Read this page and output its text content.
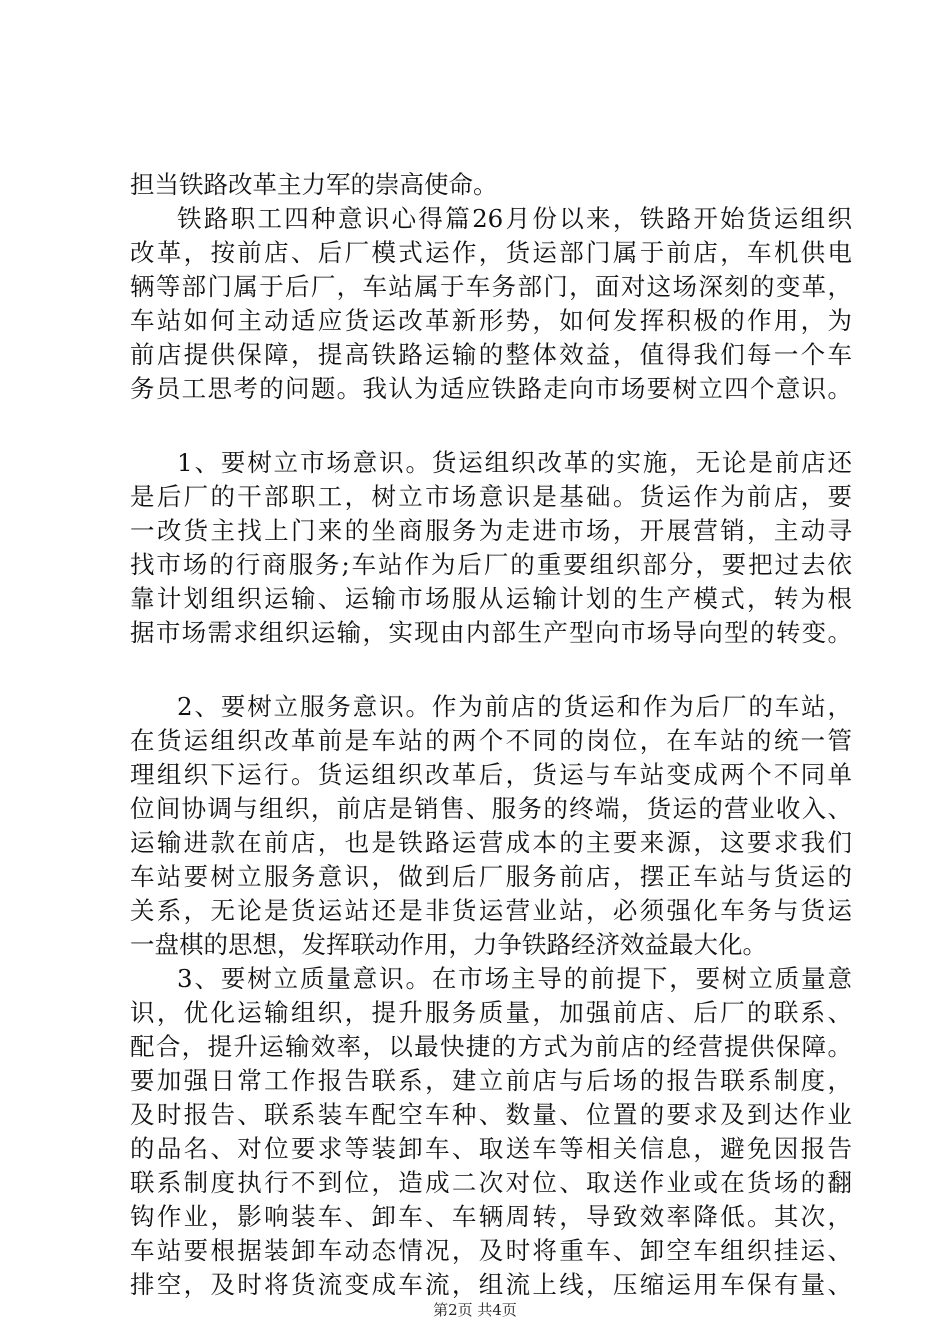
担当铁路改革主力军的崇高使命。
铁路职工四种意识心得篇26月份以来，铁路开始货运组织
改革，按前店、后厂模式运作，货运部门属于前店，车机供电
辆等部门属于后厂，车站属于车务部门，面对这场深刻的变革，
车站如何主动适应货运改革新形势，如何发挥积极的作用，为
前店提供保障，提高铁路运输的整体效益，值得我们每一个车
务员工思考的问题。我认为适应铁路走向市场要树立四个意识。
1、要树立市场意识。货运组织改革的实施，无论是前店还
是后厂的干部职工，树立市场意识是基础。货运作为前店，要
一改货主找上门来的坐商服务为走进市场，开展营销，主动寻
找市场的行商服务;车站作为后厂的重要组织部分，要把过去依
靠计划组织运输、运输市场服从运输计划的生产模式，转为根
据市场需求组织运输，实现由内部生产型向市场导向型的转变。
2、要树立服务意识。作为前店的货运和作为后厂的车站，
在货运组织改革前是车站的两个不同的岗位，在车站的统一管
理组织下运行。货运组织改革后，货运与车站变成两个不同单
位间协调与组织，前店是销售、服务的终端，货运的营业收入、
运输进款在前店，也是铁路运营成本的主要来源，这要求我们
车站要树立服务意识，做到后厂服务前店，摆正车站与货运的
关系，无论是货运站还是非货运营业站，必须强化车务与货运
一盘棋的思想，发挥联动作用，力争铁路经济效益最大化。
3、要树立质量意识。在市场主导的前提下，要树立质量意
识，优化运输组织，提升服务质量，加强前店、后厂的联系、
配合，提升运输效率，以最快捷的方式为前店的经营提供保障。
要加强日常工作报告联系，建立前店与后场的报告联系制度，
及时报告、联系装车配空车种、数量、位置的要求及到达作业
的品名、对位要求等装卸车、取送车等相关信息，避免因报告
联系制度执行不到位，造成二次对位、取送作业或在货场的翻
钩作业，影响装车、卸车、车辆周转，导致效率降低。其次，
车站要根据装卸车动态情况，及时将重车、卸空车组织挂运、
排空，及时将货流变成车流，组流上线，压缩运用车保有量、
第2页 共4页
